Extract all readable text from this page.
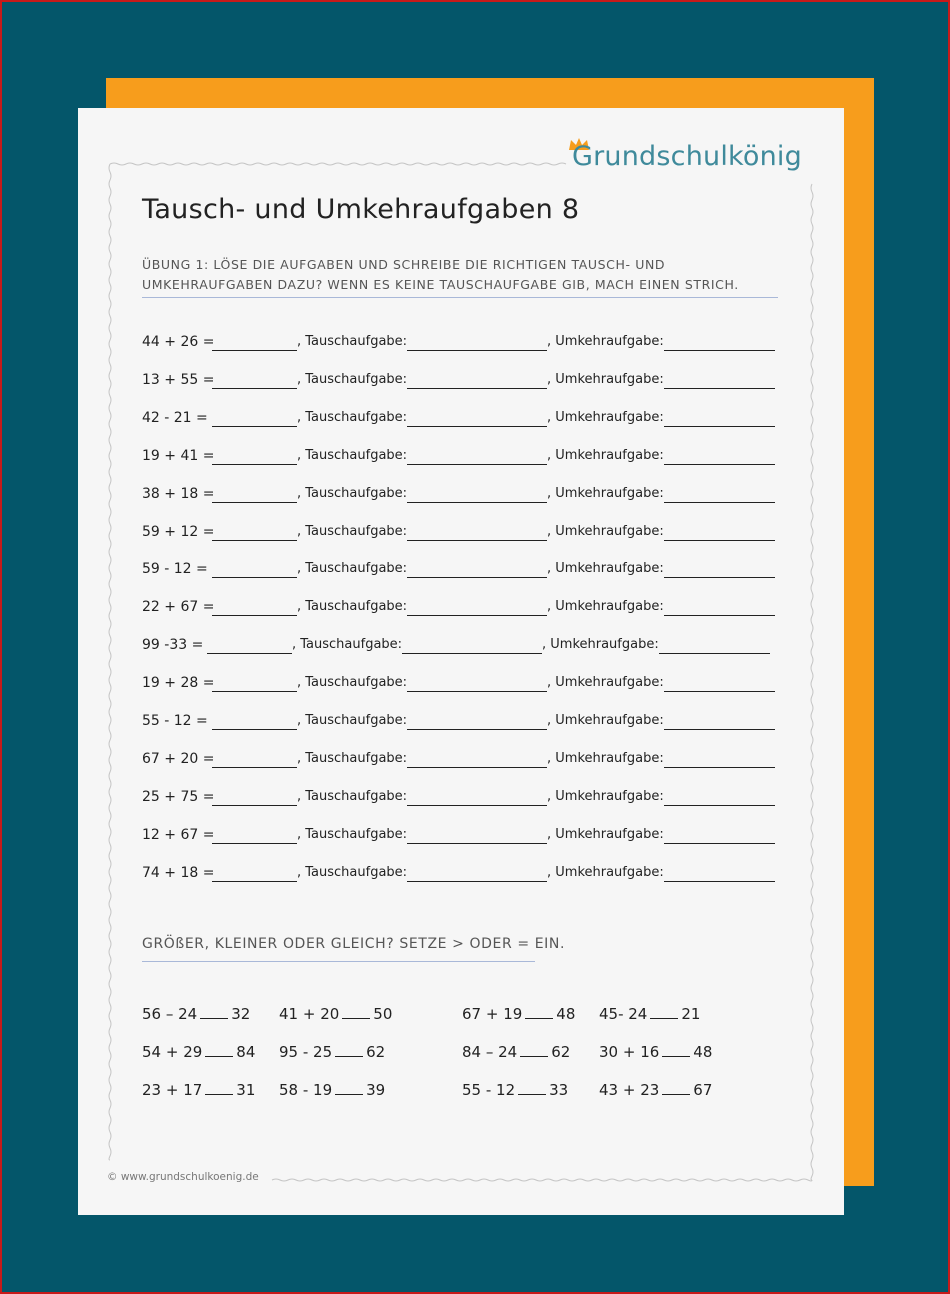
Grundschulkönig
Tausch- und Umkehraufgaben 8
ÜBUNG 1: LÖSE DIE AUFGABEN UND SCHREIBE DIE RICHTIGEN TAUSCH- UND
UMKEHRAUFGABEN DAZU? WENN ES KEINE TAUSCHAUFGABE GIB, MACH EINEN STRICH.
44 + 26 =	, Tauschaufgabe:	, Umkehraufgabe:
13 + 55 =	, Tauschaufgabe:	, Umkehraufgabe:
42 - 21 =	, Tauschaufgabe:	, Umkehraufgabe:
19 + 41 =	, Tauschaufgabe:	, Umkehraufgabe:
38 + 18 =	, Tauschaufgabe:	, Umkehraufgabe:
59 + 12 =	, Tauschaufgabe:	, Umkehraufgabe:
59 - 12 =	, Tauschaufgabe:	, Umkehraufgabe:
22 + 67 =	, Tauschaufgabe:	, Umkehraufgabe:
99 -33 =	, Tauschaufgabe:	, Umkehraufgabe:
19 + 28 =	, Tauschaufgabe:	, Umkehraufgabe:
55 - 12 =	, Tauschaufgabe:	, Umkehraufgabe:
67 + 20 =	, Tauschaufgabe:	, Umkehraufgabe:
25 + 75 =	, Tauschaufgabe:	, Umkehraufgabe:
12 + 67 =	, Tauschaufgabe:	, Umkehraufgabe:
74 + 18 =	, Tauschaufgabe:	, Umkehraufgabe:
GRÖßER, KLEINER ODER GLEICH? SETZE > ODER = EIN.
56 – 24 32 41 + 20 50	67 + 19 48 45- 24 21
54 + 29 84 95 - 25 62	84 – 24 62 30 + 16 48
23 + 17 31 58 - 19 39	55 - 12 33 43 + 23 67
© www.grundschulkoenig.de
